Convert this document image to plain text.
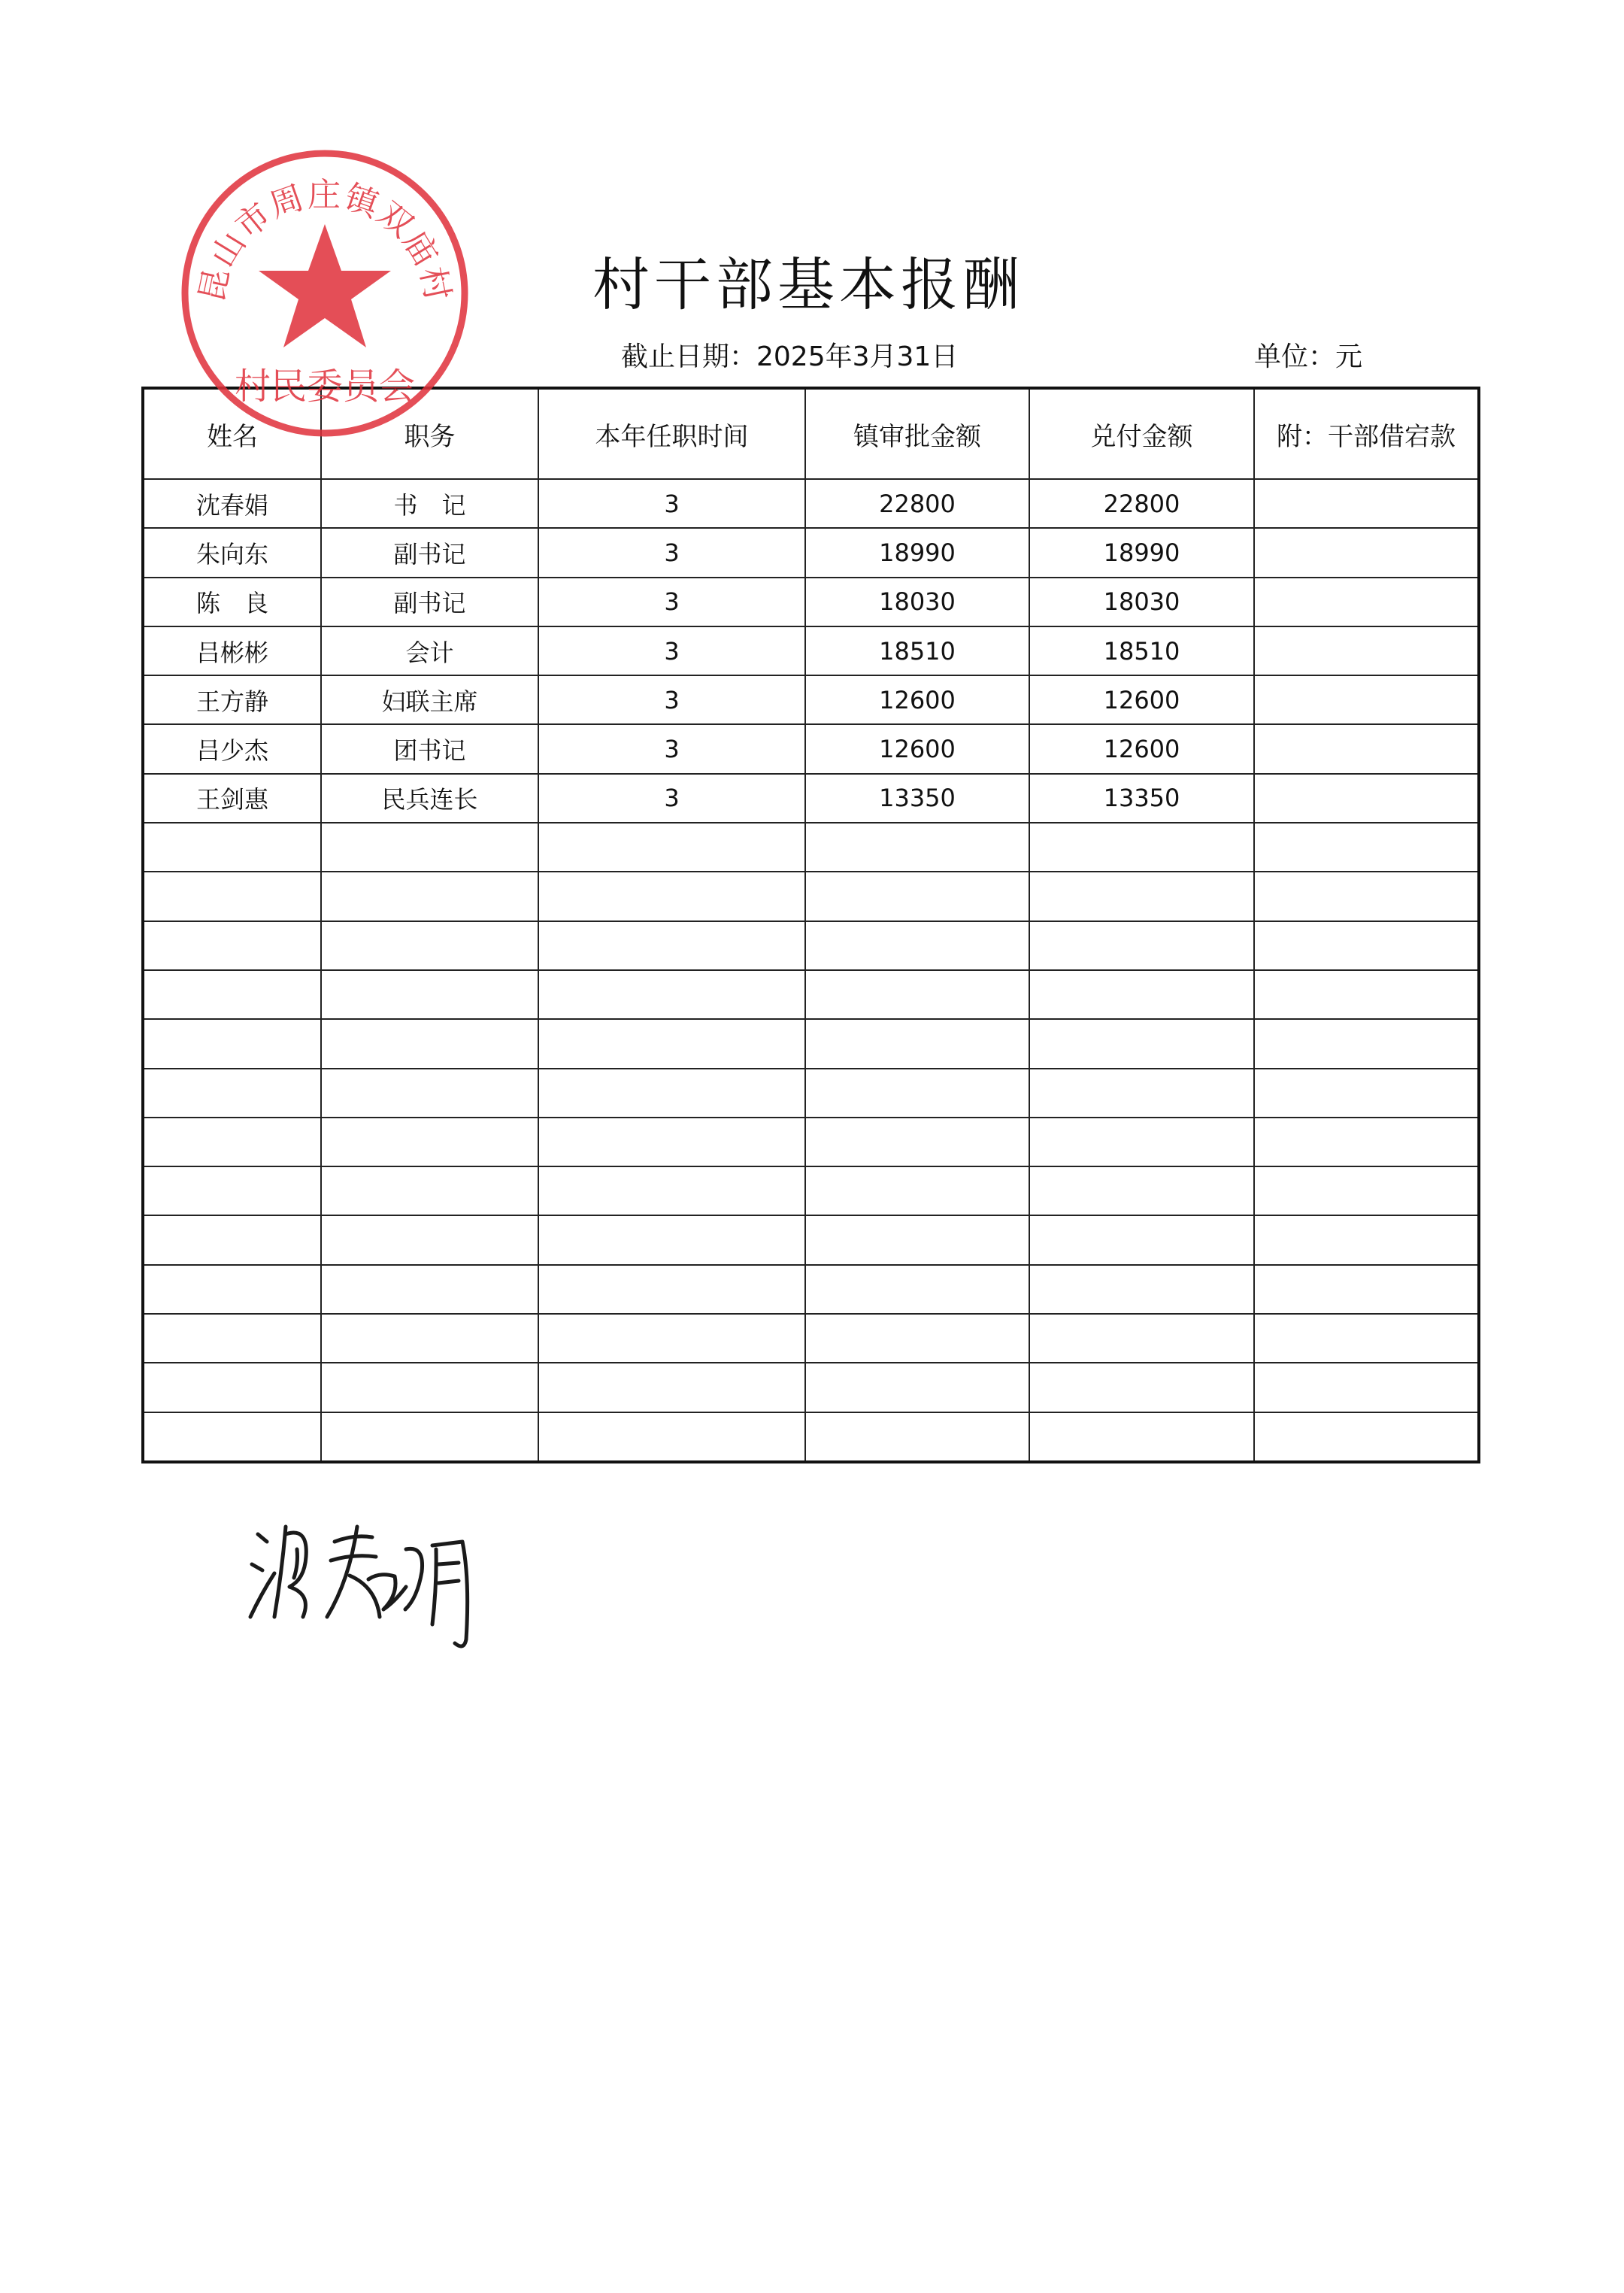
村干部基本报酬
截止日期：2025年3月31日	单位：元
姓名	职务	本年任职时间	镇审批金额	兑付金额	附：干部借宕款
沈春娟	书　记	3	22800	22800	
朱向东	副书记	3	18990	18990	
陈　良	副书记	3	18030	18030	
吕彬彬	会计	3	18510	18510	
王方静	妇联主席	3	12600	12600	
吕少杰	团书记	3	12600	12600	
王剑惠	民兵连长	3	13350	13350	

昆山市周庄镇双庙村
村民委员会
